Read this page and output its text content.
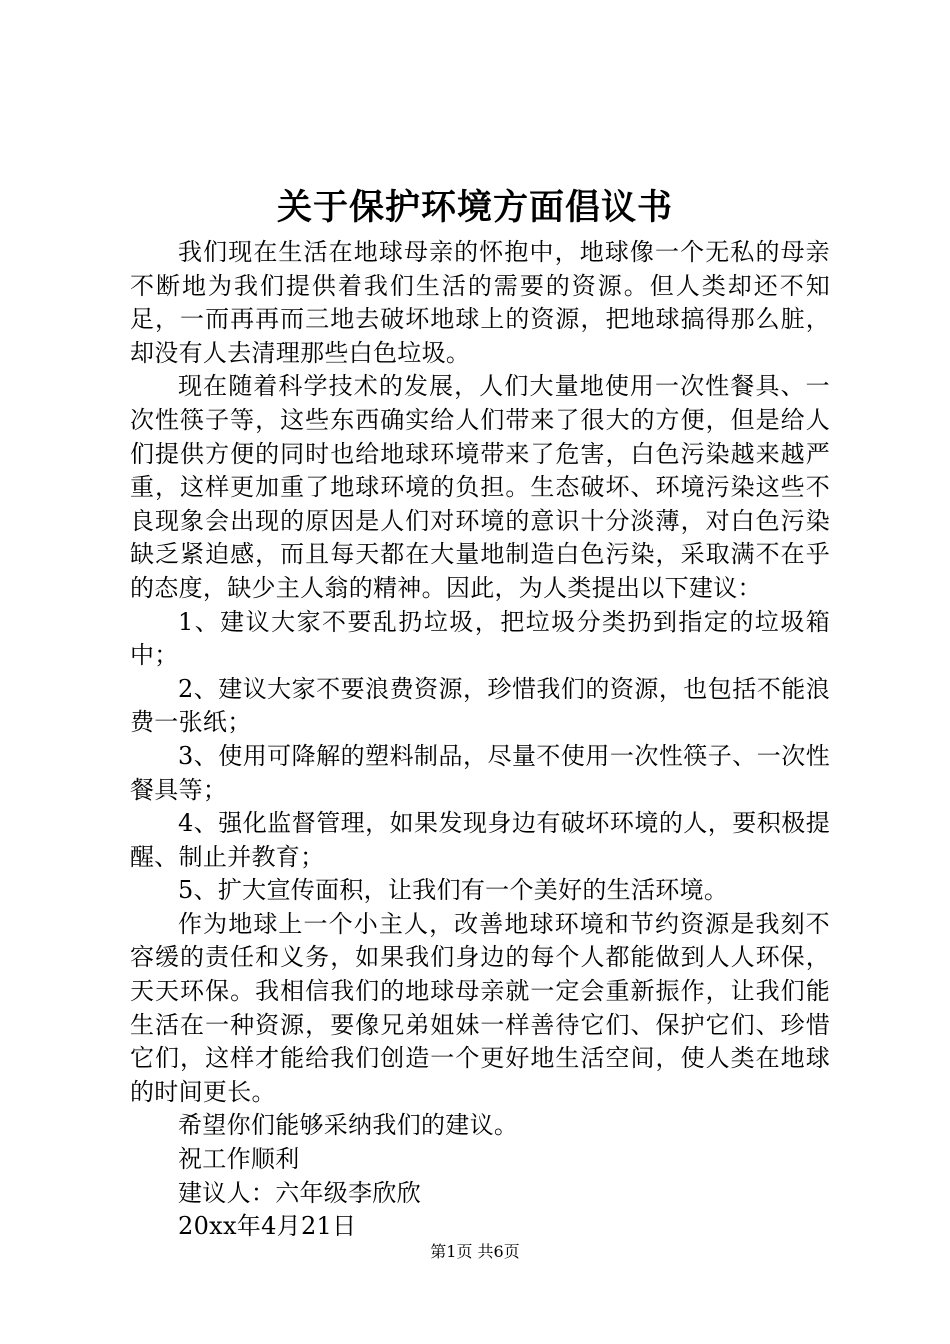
关于保护环境方面倡议书

我们现在生活在地球母亲的怀抱中，地球像一个无私的母亲不断地为我们提供着我们生活的需要的资源。但人类却还不知足，一而再再而三地去破坏地球上的资源，把地球搞得那么脏，却没有人去清理那些白色垃圾。

现在随着科学技术的发展，人们大量地使用一次性餐具、一次性筷子等，这些东西确实给人们带来了很大的方便，但是给人们提供方便的同时也给地球环境带来了危害，白色污染越来越严重，这样更加重了地球环境的负担。生态破坏、环境污染这些不良现象会出现的原因是人们对环境的意识十分淡薄，对白色污染缺乏紧迫感，而且每天都在大量地制造白色污染，采取满不在乎的态度，缺少主人翁的精神。因此，为人类提出以下建议：

1、建议大家不要乱扔垃圾，把垃圾分类扔到指定的垃圾箱中；

2、建议大家不要浪费资源，珍惜我们的资源，也包括不能浪费一张纸；

3、使用可降解的塑料制品，尽量不使用一次性筷子、一次性餐具等；

4、强化监督管理，如果发现身边有破坏环境的人，要积极提醒、制止并教育；

5、扩大宣传面积，让我们有一个美好的生活环境。

作为地球上一个小主人，改善地球环境和节约资源是我刻不容缓的责任和义务，如果我们身边的每个人都能做到人人环保，天天环保。我相信我们的地球母亲就一定会重新振作，让我们能生活在一种资源，要像兄弟姐妹一样善待它们、保护它们、珍惜它们，这样才能给我们创造一个更好地生活空间，使人类在地球的时间更长。

希望你们能够采纳我们的建议。

祝工作顺利

建议人：六年级李欣欣

20xx年4月21日

第1页 共6页
